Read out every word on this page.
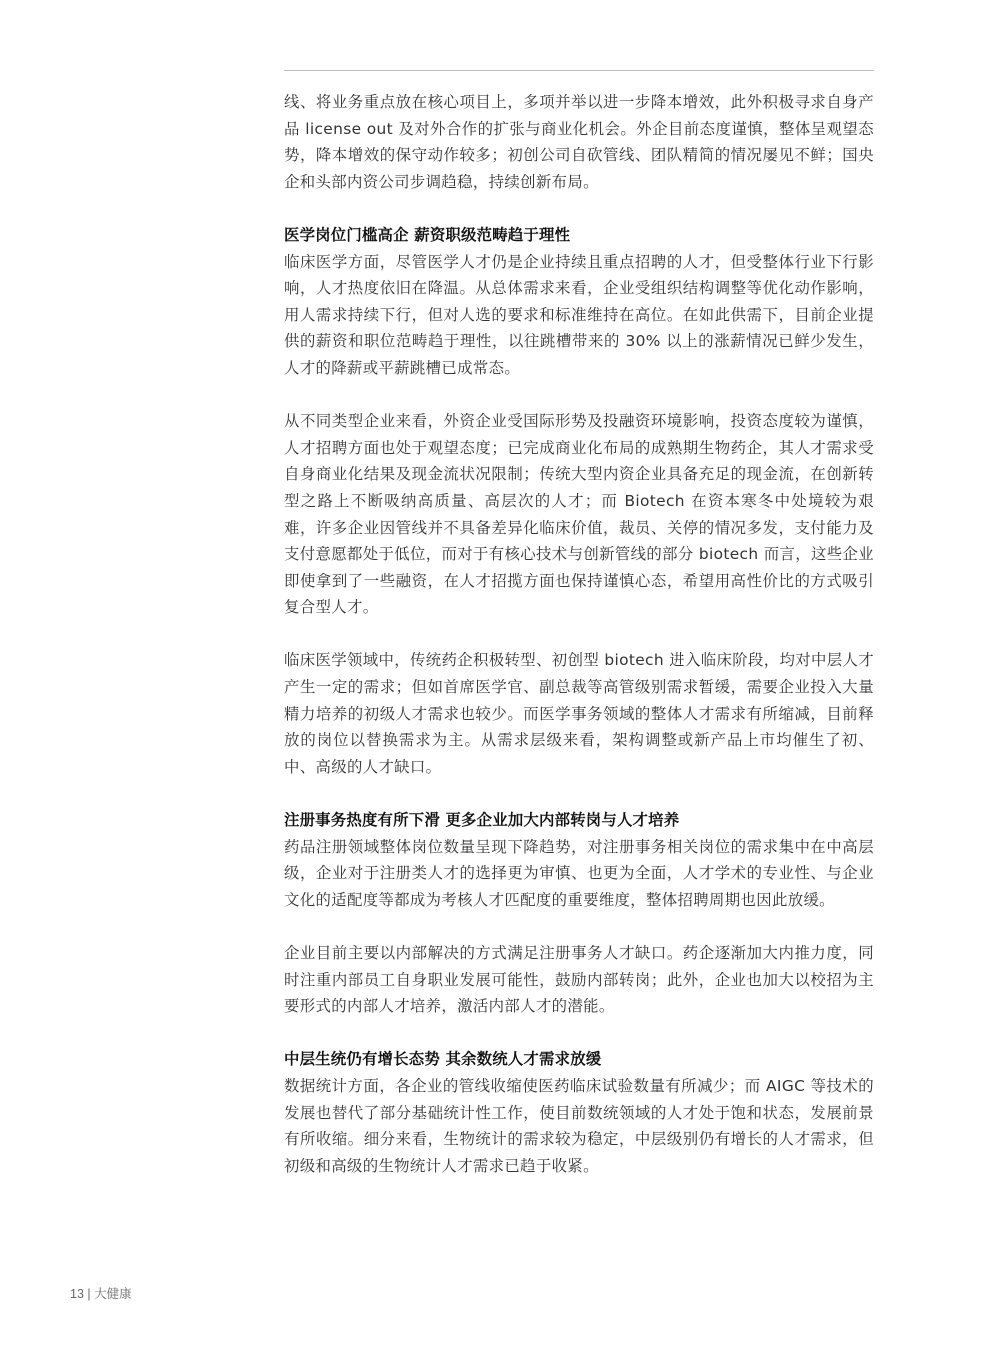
线、将业务重点放在核心项目上，多项并举以进一步降本增效，此外积极寻求自身产品 license out 及对外合作的扩张与商业化机会。外企目前态度谨慎，整体呈观望态势，降本增效的保守动作较多；初创公司自砍管线、团队精简的情况屡见不鲜；国央企和头部内资公司步调趋稳，持续创新布局。

医学岗位门槛高企 薪资职级范畴趋于理性

临床医学方面，尽管医学人才仍是企业持续且重点招聘的人才，但受整体行业下行影响，人才热度依旧在降温。从总体需求来看，企业受组织结构调整等优化动作影响，用人需求持续下行，但对人选的要求和标准维持在高位。在如此供需下，目前企业提供的薪资和职位范畴趋于理性，以往跳槽带来的 30% 以上的涨薪情况已鲜少发生，人才的降薪或平薪跳槽已成常态。

从不同类型企业来看，外资企业受国际形势及投融资环境影响，投资态度较为谨慎，人才招聘方面也处于观望态度；已完成商业化布局的成熟期生物药企，其人才需求受自身商业化结果及现金流状况限制；传统大型内资企业具备充足的现金流，在创新转型之路上不断吸纳高质量、高层次的人才；而 Biotech 在资本寒冬中处境较为艰难，许多企业因管线并不具备差异化临床价值，裁员、关停的情况多发，支付能力及支付意愿都处于低位，而对于有核心技术与创新管线的部分 biotech 而言，这些企业即使拿到了一些融资，在人才招揽方面也保持谨慎心态，希望用高性价比的方式吸引复合型人才。

临床医学领域中，传统药企积极转型、初创型 biotech 进入临床阶段，均对中层人才产生一定的需求；但如首席医学官、副总裁等高管级别需求暂缓，需要企业投入大量精力培养的初级人才需求也较少。而医学事务领域的整体人才需求有所缩减，目前释放的岗位以替换需求为主。从需求层级来看，架构调整或新产品上市均催生了初、中、高级的人才缺口。

注册事务热度有所下滑 更多企业加大内部转岗与人才培养

药品注册领域整体岗位数量呈现下降趋势，对注册事务相关岗位的需求集中在中高层级，企业对于注册类人才的选择更为审慎、也更为全面，人才学术的专业性、与企业文化的适配度等都成为考核人才匹配度的重要维度，整体招聘周期也因此放缓。

企业目前主要以内部解决的方式满足注册事务人才缺口。药企逐渐加大内推力度，同时注重内部员工自身职业发展可能性，鼓励内部转岗；此外，企业也加大以校招为主要形式的内部人才培养，激活内部人才的潜能。

中层生统仍有增长态势 其余数统人才需求放缓

数据统计方面，各企业的管线收缩使医药临床试验数量有所减少；而 AIGC 等技术的发展也替代了部分基础统计性工作，使目前数统领域的人才处于饱和状态，发展前景有所收缩。细分来看，生物统计的需求较为稳定，中层级别仍有增长的人才需求，但初级和高级的生物统计人才需求已趋于收紧。

13 | 大健康
